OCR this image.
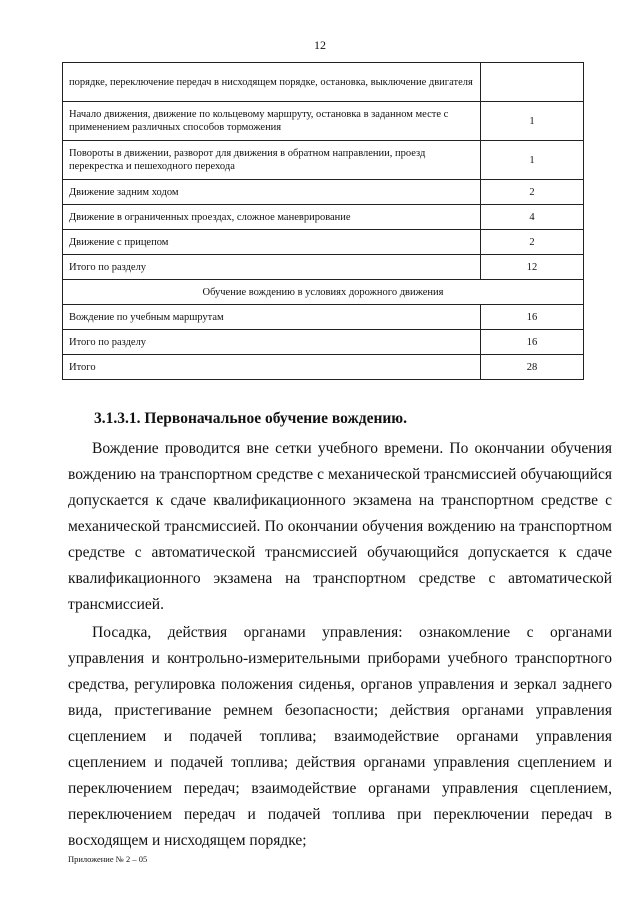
12
порядке, переключение передач в нисходящем порядке, остановка, выключение двигателя	
Начало движения, движение по кольцевому маршруту, остановка в заданном месте с применением различных способов торможения	1
Повороты в движении, разворот для движения в обратном направлении, проезд перекрестка и пешеходного перехода	1
Движение задним ходом	2
Движение в ограниченных проездах, сложное маневрирование	4
Движение с прицепом	2
Итого по разделу	12
Обучение вождению в условиях дорожного движения	
Вождение по учебным маршрутам	16
Итого по разделу	16
Итого	28
3.1.3.1. Первоначальное обучение вождению.
Вождение проводится вне сетки учебного времени. По окончании обучения вождению на транспортном средстве с механической трансмиссией обучающийся допускается к сдаче квалификационного экзамена на транспортном средстве с механической трансмиссией. По окончании обучения вождению на транспортном средстве с автоматической трансмиссией обучающийся допускается к сдаче квалификационного экзамена на транспортном средстве с автоматической трансмиссией.
Посадка, действия органами управления: ознакомление с органами управления и контрольно-измерительными приборами учебного транспортного средства, регулировка положения сиденья, органов управления и зеркал заднего вида, пристегивание ремнем безопасности; действия органами управления сцеплением и подачей топлива; взаимодействие органами управления сцеплением и подачей топлива; действия органами управления сцеплением и переключением передач; взаимодействие органами управления сцеплением, переключением передач и подачей топлива при переключении передач в восходящем и нисходящем порядке;
Приложение № 2 – 05
